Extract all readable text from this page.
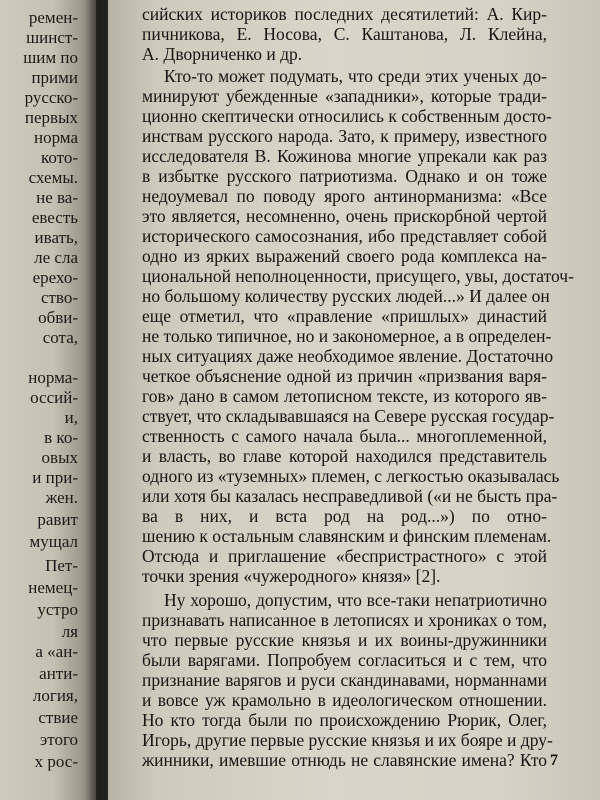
ремен-

шинст-

шим по

прими

русско-

первых

норма

кото-

схемы.

не ва-

евесть

ивать,

ле сла

ерехо-

ство-

обви-

сота,

норма-

оссий-

и,

в ко-

овых

и при-

жен.

равит

мущал

Пет-

немец-

устро

ля

а «ан-

анти-

логия,

ствие

этого

х рос-

сийских историков последних десятилетий: А. Кир-

пичникова, Е. Носова, С. Каштанова, Л. Клейна,

А. Дворниченко и др.

Кто-то может подумать, что среди этих ученых до-

минируют убежденные «западники», которые тради-

ционно скептически относились к собственным досто-

инствам русского народа. Зато, к примеру, известного

исследователя В. Кожинова многие упрекали как раз

в избытке русского патриотизма. Однако и он тоже

недоумевал по поводу ярого антинорманизма: «Все

это является, несомненно, очень прискорбной чертой

исторического самосознания, ибо представляет собой

одно из ярких выражений своего рода комплекса на-

циональной неполноценности, присущего, увы, достаточ-

но большому количеству русских людей...» И далее он

еще отметил, что «правление «пришлых» династий

не только типичное, но и закономерное, а в определен-

ных ситуациях даже необходимое явление. Достаточно

четкое объяснение одной из причин «призвания варя-

гов» дано в самом летописном тексте, из которого яв-

ствует, что складывавшаяся на Севере русская государ-

ственность с самого начала была... многоплеменной,

и власть, во главе которой находился представитель

одного из «туземных» племен, с легкостью оказывалась

или хотя бы казалась несправедливой («и не бысть пра-

ва в них, и вста род на род...») по отно-

шению к остальным славянским и финским племенам.

Отсюда и приглашение «беспристрастного» с этой

точки зрения «чужеродного» князя» [2].

Ну хорошо, допустим, что все-таки непатриотично

признавать написанное в летописях и хрониках о том,

что первые русские князья и их воины-дружинники

были варягами. Попробуем согласиться и с тем, что

признание варягов и руси скандинавами, норманнами

и вовсе уж крамольно в идеологическом отношении.

Но кто тогда были по происхождению Рюрик, Олег,

Игорь, другие первые русские князья и их бояре и дру-

жинники, имевшие отнюдь не славянские имена? Кто 7
